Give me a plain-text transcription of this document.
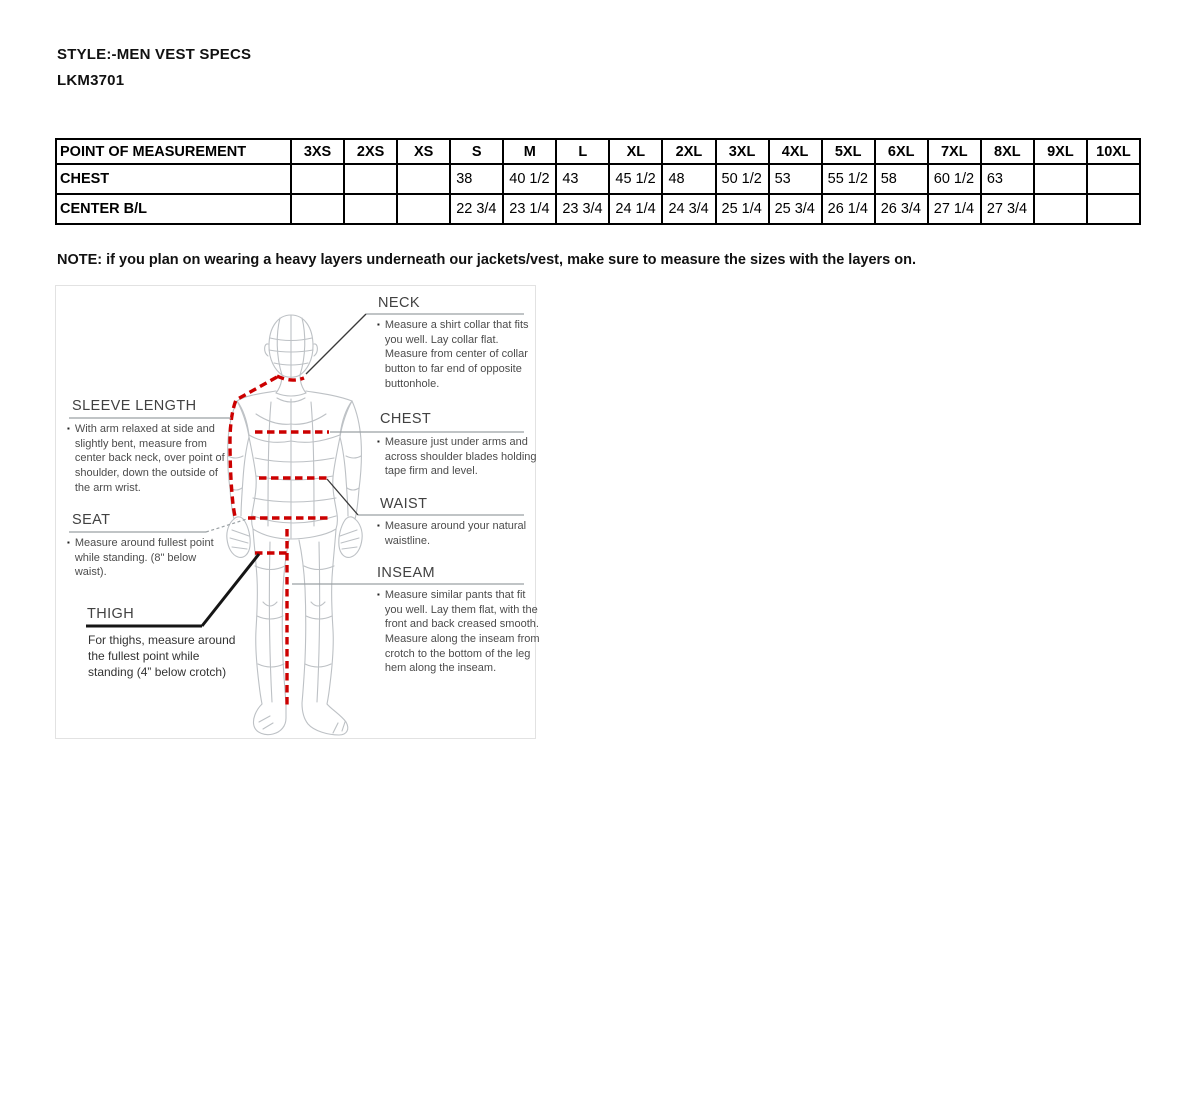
STYLE:-MEN VEST SPECS
LKM3701
POINT OF MEASUREMENT	3XS	2XS	XS	S	M	L	XL	2XL	3XL	4XL	5XL	6XL	7XL	8XL	9XL	10XL
CHEST				38	40 1/2	43	45 1/2	48	50 1/2	53	55 1/2	58	60 1/2	63		
CENTER B/L				22 3/4	23 1/4	23 3/4	24 1/4	24 3/4	25 1/4	25 3/4	26 1/4	26 3/4	27 1/4	27 3/4		
NOTE: if you plan on wearing a heavy layers underneath our jackets/vest, make sure to measure the sizes with the layers on.
NECK
▪ Measure a shirt collar that fits you well. Lay collar flat. Measure from center of collar button to far end of opposite buttonhole.
SLEEVE LENGTH
▪ With arm relaxed at side and slightly bent, measure from center back neck, over point of shoulder, down the outside of the arm wrist.
CHEST
▪ Measure just under arms and across shoulder blades holding tape firm and level.
WAIST
▪ Measure around your natural waistline.
SEAT
▪ Measure around fullest point while standing. (8" below waist).
THIGH
For thighs, measure around the fullest point while standing (4” below crotch)
INSEAM
▪ Measure similar pants that fit you well. Lay them flat, with the front and back creased smooth. Measure along the inseam from crotch to the bottom of the leg hem along the inseam.
